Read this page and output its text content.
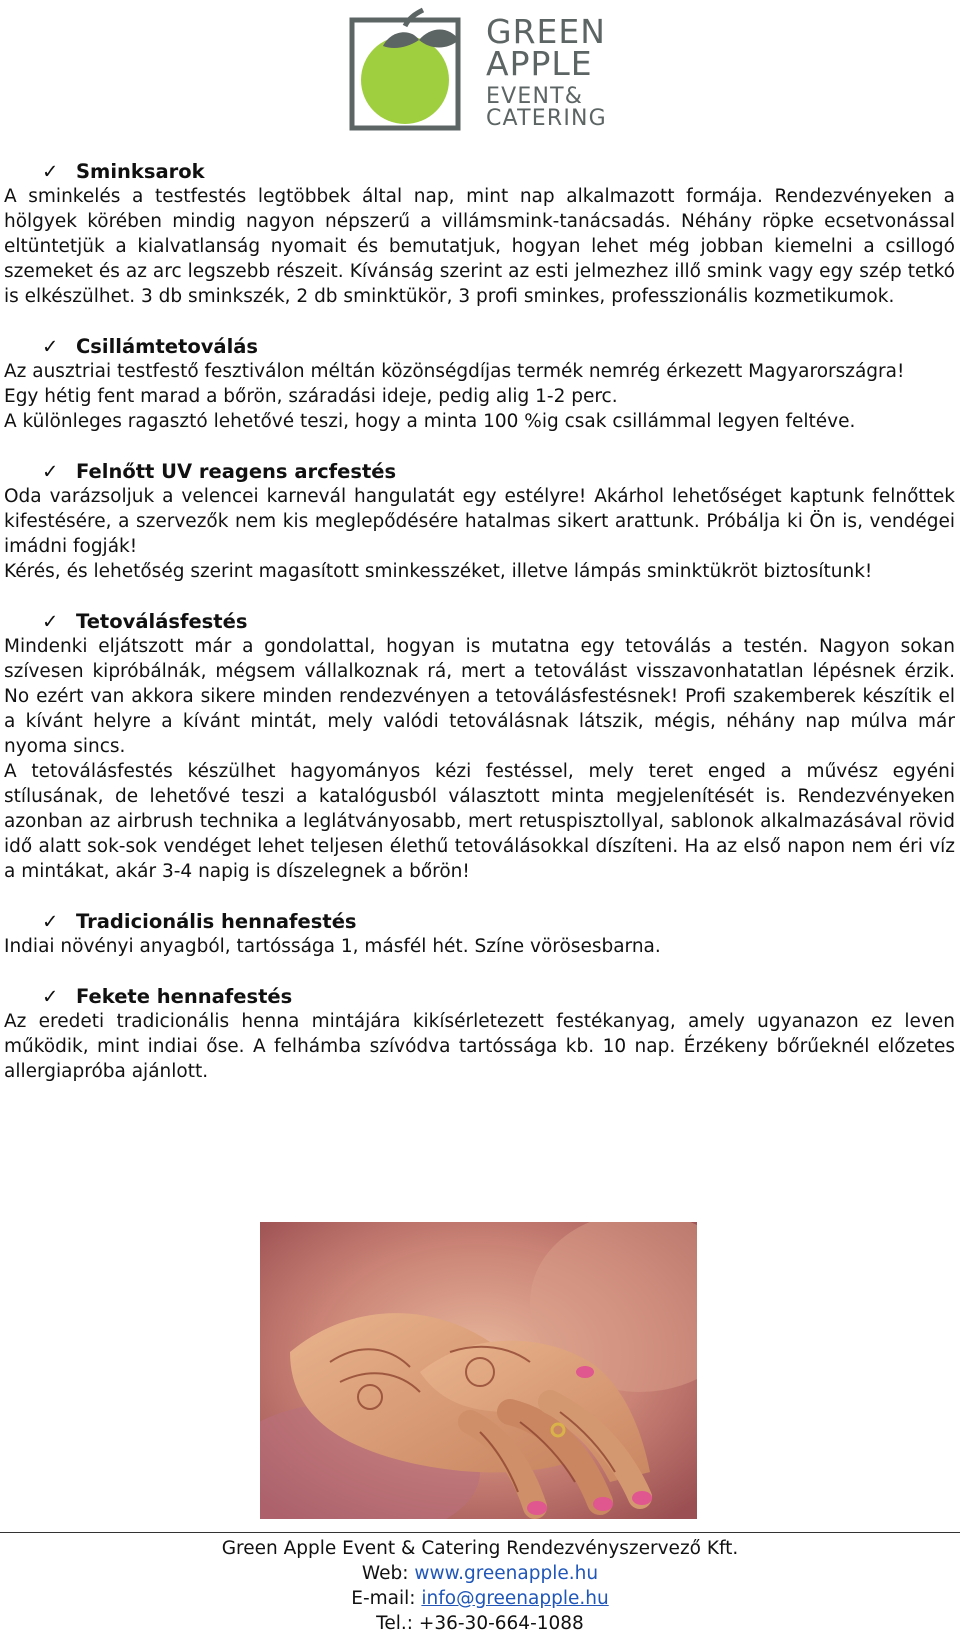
GREEN
APPLE
EVENT&
CATERING
✓ Sminksarok

A sminkelés a testfestés legtöbbek által nap, mint nap alkalmazott formája. Rendezvényeken a hölgyek körében mindig nagyon népszerű a villámsmink-tanácsadás. Néhány röpke ecsetvonással eltüntetjük a kialvatlanság nyomait és bemutatjuk, hogyan lehet még jobban kiemelni a csillogó szemeket és az arc legszebb részeit. Kívánság szerint az esti jelmezhez illő smink vagy egy szép tetkó is elkészülhet. 3 db sminkszék, 2 db sminktükör, 3 profi sminkes, professzionális kozmetikumok.

✓ Csillámtetoválás

Az ausztriai testfestő fesztiválon méltán közönségdíjas termék nemrég érkezett Magyarországra!

Egy hétig fent marad a bőrön, száradási ideje, pedig alig 1-2 perc.

A különleges ragasztó lehetővé teszi, hogy a minta 100 %ig csak csillámmal legyen feltéve.

✓ Felnőtt UV reagens arcfestés

Oda varázsoljuk a velencei karnevál hangulatát egy estélyre! Akárhol lehetőséget kaptunk felnőttek kifestésére, a szervezők nem kis meglepődésére hatalmas sikert arattunk. Próbálja ki Ön is, vendégei imádni fogják!

Kérés, és lehetőség szerint magasított sminkesszéket, illetve lámpás sminktükröt biztosítunk!

✓ Tetoválásfestés

Mindenki eljátszott már a gondolattal, hogyan is mutatna egy tetoválás a testén. Nagyon sokan szívesen kipróbálnák, mégsem vállalkoznak rá, mert a tetoválást visszavonhatatlan lépésnek érzik. No ezért van akkora sikere minden rendezvényen a tetoválásfestésnek! Profi szakemberek készítik el a kívánt helyre a kívánt mintát, mely valódi tetoválásnak látszik, mégis, néhány nap múlva már nyoma sincs.

A tetoválásfestés készülhet hagyományos kézi festéssel, mely teret enged a művész egyéni stílusának, de lehetővé teszi a katalógusból választott minta megjelenítését is. Rendezvényeken azonban az airbrush technika a leglátványosabb, mert retuspisztollyal, sablonok alkalmazásával rövid idő alatt sok-sok vendéget lehet teljesen élethű tetoválásokkal díszíteni. Ha az első napon nem éri víz a mintákat, akár 3-4 napig is díszelegnek a bőrön!

✓ Tradicionális hennafestés

Indiai növényi anyagból, tartóssága 1, másfél hét. Színe vörösesbarna.

✓ Fekete hennafestés

Az eredeti tradicionális henna mintájára kikísérletezett festékanyag, amely ugyanazon ez leven működik, mint indiai őse. A felhámba szívódva tartóssága kb. 10 nap. Érzékeny bőrűeknél előzetes allergiapróba ajánlott.

Green Apple Event & Catering Rendezvényszervező Kft.
Web: www.greenapple.hu
E-mail: info@greenapple.hu
Tel.: +36-30-664-1088
